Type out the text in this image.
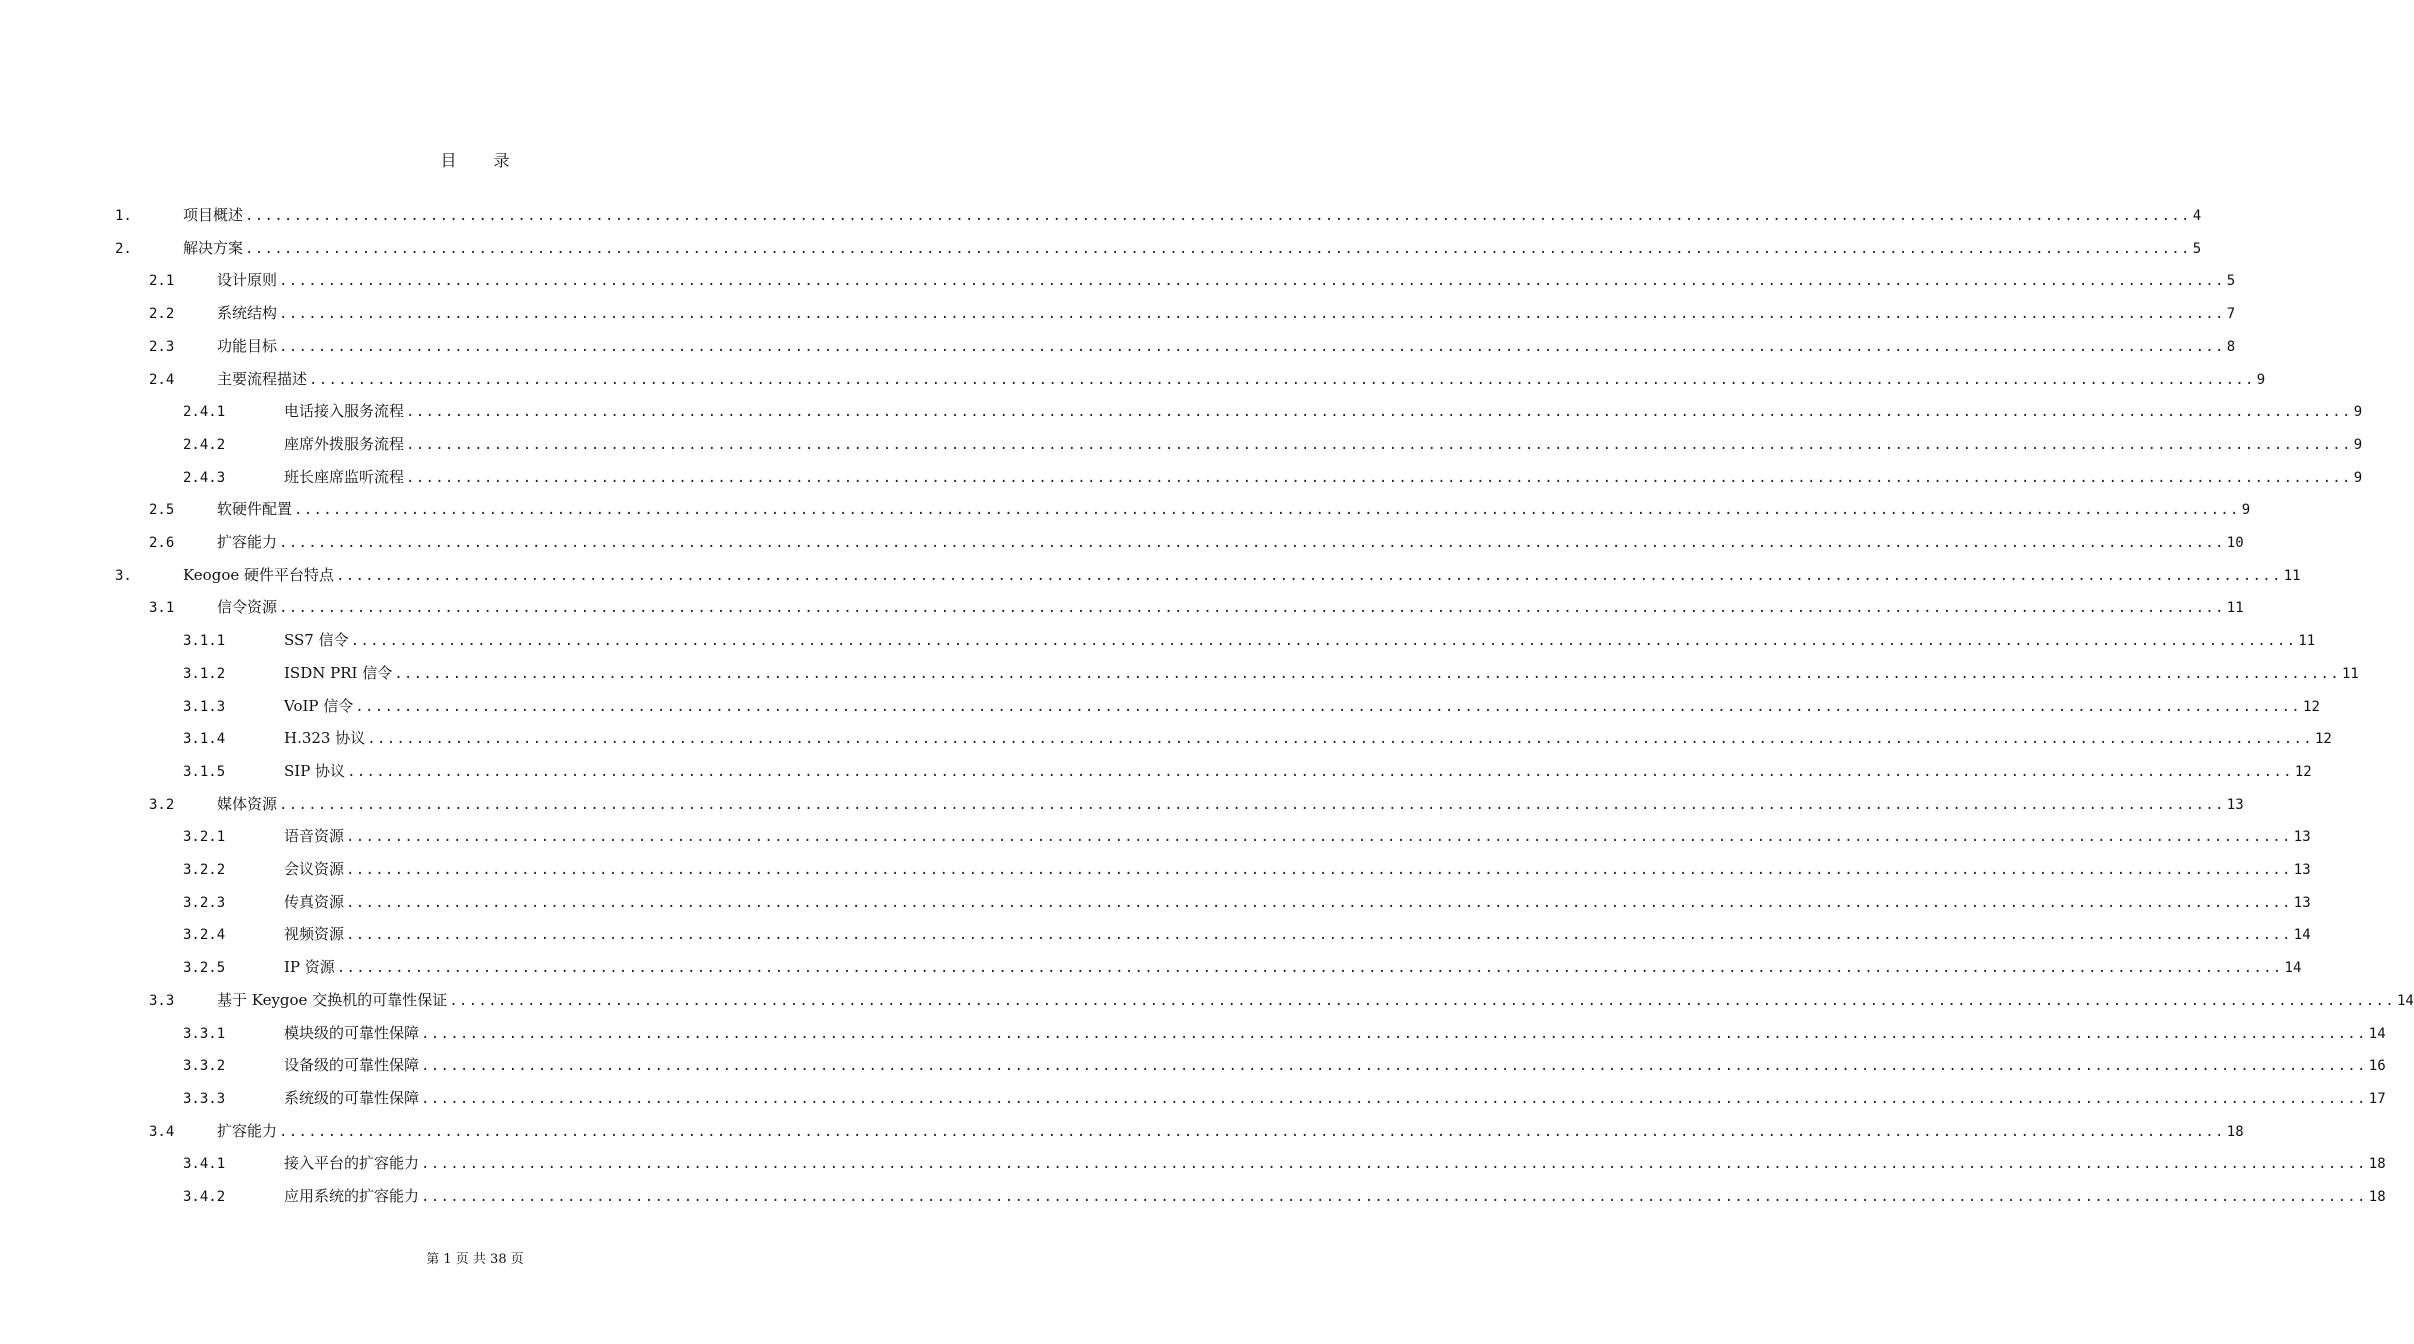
目 录
1.	项目概述 ........................................................................................................................................................................................................ 4
2.	解决方案 ........................................................................................................................................................................................................ 5
2.1	设计原则 ........................................................................................................................................................................................................ 5
2.2	系统结构 ........................................................................................................................................................................................................ 7
2.3	功能目标 ........................................................................................................................................................................................................ 8
2.4	主要流程描述 ........................................................................................................................................................................................................ 9
2.4.1	电话接入服务流程 ........................................................................................................................................................................................................ 9
2.4.2	座席外拨服务流程 ........................................................................................................................................................................................................ 9
2.4.3	班长座席监听流程 ........................................................................................................................................................................................................ 9
2.5	软硬件配置 ........................................................................................................................................................................................................ 9
2.6	扩容能力 ........................................................................................................................................................................................................ 10
3.	Keogoe 硬件平台特点 ........................................................................................................................................................................................................ 11
3.1	信令资源 ........................................................................................................................................................................................................ 11
3.1.1	SS7 信令 ........................................................................................................................................................................................................ 11
3.1.2	ISDN PRI 信令 ........................................................................................................................................................................................................ 11
3.1.3	VoIP 信令 ........................................................................................................................................................................................................ 12
3.1.4	H.323 协议 ........................................................................................................................................................................................................ 12
3.1.5	SIP 协议 ........................................................................................................................................................................................................ 12
3.2	媒体资源 ........................................................................................................................................................................................................ 13
3.2.1	语音资源 ........................................................................................................................................................................................................ 13
3.2.2	会议资源 ........................................................................................................................................................................................................ 13
3.2.3	传真资源 ........................................................................................................................................................................................................ 13
3.2.4	视频资源 ........................................................................................................................................................................................................ 14
3.2.5	IP 资源 ........................................................................................................................................................................................................ 14
3.3	基于 Keygoe 交换机的可靠性保证 ........................................................................................................................................................................................................ 14
3.3.1	模块级的可靠性保障 ........................................................................................................................................................................................................ 14
3.3.2	设备级的可靠性保障 ........................................................................................................................................................................................................ 16
3.3.3	系统级的可靠性保障 ........................................................................................................................................................................................................ 17
3.4	扩容能力 ........................................................................................................................................................................................................ 18
3.4.1	接入平台的扩容能力 ........................................................................................................................................................................................................ 18
3.4.2	应用系统的扩容能力 ........................................................................................................................................................................................................ 18
第 1 页 共 38 页
